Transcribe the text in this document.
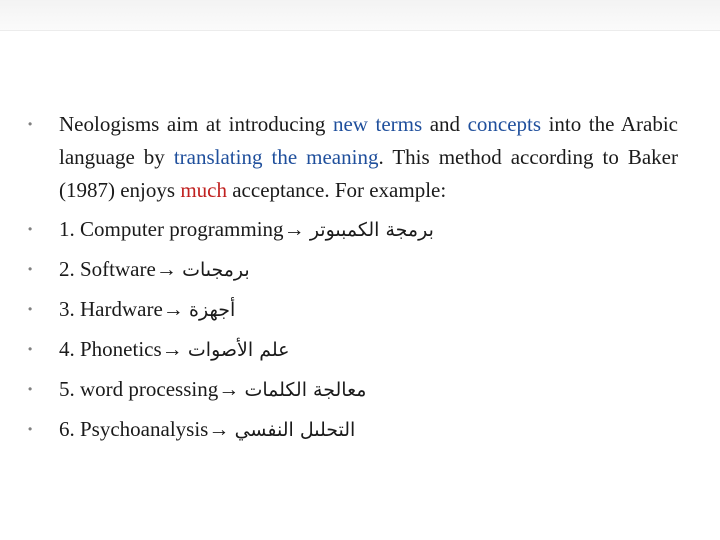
• Neologisms aim at introducing new terms and concepts into the Arabic language by translating the meaning. This method according to Baker (1987) enjoys much acceptance. For example:
• 1. Computer programming→ برمجة الكمبىوتر
• 2. Software→ برمجىات
• 3. Hardware→ أجهزة
• 4. Phonetics→ علم الأصوات
• 5. word processing→ معالجة الكلمات
• 6. Psychoanalysis→ التحلىل النفسي
